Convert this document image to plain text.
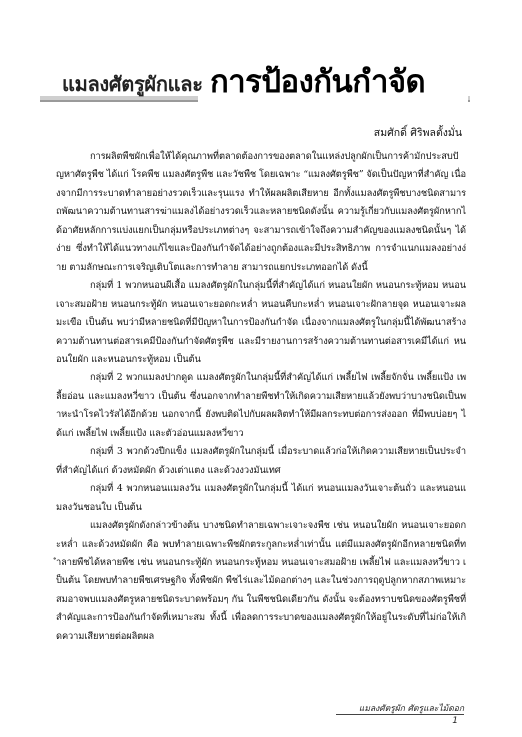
แมลงศัตรูผักและ การป้องกันกำจัด
สมศักดิ์ ศิริพลตั้งมั่น

การผลิตพืชผักเพื่อให้ได้คุณภาพที่ตลาดต้องการของตลาดในแหล่งปลูกผักเป็นการค้ามักประสบปัญหาศัตรูพืช ได้แก่ โรคพืช แมลงศัตรูพืช และวัชพืช โดยเฉพาะ “แมลงศัตรูพืช” จัดเป็นปัญหาที่สำคัญ เนื่องจากมีการระบาดทำลายอย่างรวดเร็วและรุนแรง ทำให้ผลผลิตเสียหาย อีกทั้งแมลงศัตรูพืชบางชนิดสามารถพัฒนาความต้านทานสารฆ่าแมลงได้อย่างรวดเร็วและหลายชนิดดังนั้น ความรู้เกี่ยวกับแมลงศัตรูผักหากได้อาศัยหลักการแบ่งแยกเป็นกลุ่มหรือประเภทต่างๆ จะสามารถเข้าใจถึงความสำคัญของแมลงชนิดนั้นๆ ได้ง่าย ซึ่งทำให้ได้แนวทางแก้ไขและป้องกันกำจัดได้อย่างถูกต้องและมีประสิทธิภาพ การจำแนกแมลงอย่างง่าย ตามลักษณะการเจริญเติบโตและการทำลาย สามารถแยกประเภทออกได้ ดังนี้

กลุ่มที่ 1 พวกหนอนผีเสื้อ แมลงศัตรูผักในกลุ่มนี้ที่สำคัญได้แก่ หนอนใยผัก หนอนกระทู้หอม หนอนเจาะสมอฝ้าย หนอนกระทู้ผัก หนอนเจาะยอดกะหล่ำ หนอนคืบกะหล่ำ หนอนเจาะฝักลายจุด หนอนเจาะผลมะเขือ เป็นต้น พบว่ามีหลายชนิดที่มีปัญหาในการป้องกันกำจัด เนื่องจากแมลงศัตรูในกลุ่มนี้ได้พัฒนาสร้างความต้านทานต่อสารเคมีป้องกันกำจัดศัตรูพืช และมีรายงานการสร้างความต้านทานต่อสารเคมีได้แก่ หนอนใยผัก และหนอนกระทู้หอม เป็นต้น

กลุ่มที่ 2 พวกแมลงปากดูด แมลงศัตรูผักในกลุ่มนี้ที่สำคัญได้แก่ เพลี้ยไฟ เพลี้ยจักจั่น เพลี้ยแป้ง เพลี้ยอ่อน และแมลงหวี่ขาว เป็นต้น ซึ่งนอกจากทำลายพืชทำให้เกิดความเสียหายแล้วยังพบว่าบางชนิดเป็นพาหะนำโรคไวรัสได้อีกด้วย นอกจากนี้ ยังพบติดไปกับผลผลิตทำให้มีผลกระทบต่อการส่งออก ที่มีพบบ่อยๆ ได้แก่ เพลี้ยไฟ เพลี้ยแป้ง และตัวอ่อนแมลงหวี่ขาว

กลุ่มที่ 3 พวกด้วงปีกแข็ง แมลงศัตรูผักในกลุ่มนี้ เมื่อระบาดแล้วก่อให้เกิดความเสียหายเป็นประจำ ที่สำคัญได้แก่ ด้วงหมัดผัก ด้วงเต่าแตง และด้วงงวงมันเทศ

กลุ่มที่ 4 พวกหนอนแมลงวัน แมลงศัตรูผักในกลุ่มนี้ ได้แก่ หนอนแมลงวันเจาะต้นถั่ว และหนอนแมลงวันชอนใบ เป็นต้น

แมลงศัตรูผักดังกล่าวข้างต้น บางชนิดทำลายเฉพาะเจาะจงพืช เช่น หนอนใยผัก หนอนเจาะยอดกะหล่ำ และด้วงหมัดผัก คือ พบทำลายเฉพาะพืชผักตระกูลกะหล่ำเท่านั้น แต่มีแมลงศัตรูผักอีกหลายชนิดที่ทำลายพืชได้หลายพืช เช่น หนอนกระทู้ผัก หนอนกระทู้หอม หนอนเจาะสมอฝ้าย เพลี้ยไฟ และแมลงหวี่ขาว เป็นต้น โดยพบทำลายพืชเศรษฐกิจ ทั้งพืชผัก พืชไร่และไม้ดอกต่างๆ และในช่วงการฤดูปลูกหากสภาพเหมาะสมอาจพบแมลงศัตรูหลายชนิดระบาดพร้อมๆ กัน ในพืชชนิดเดียวกัน ดังนั้น จะต้องทราบชนิดของศัตรูพืชที่สำคัญและการป้องกันกำจัดที่เหมาะสม ทั้งนี้ เพื่อลดการระบาดของแมลงศัตรูผักให้อยู่ในระดับที่ไม่ก่อให้เกิดความเสียหายต่อผลิตผล

แมลงศัตรูผัก ศัตรูและไม้ดอก
1
